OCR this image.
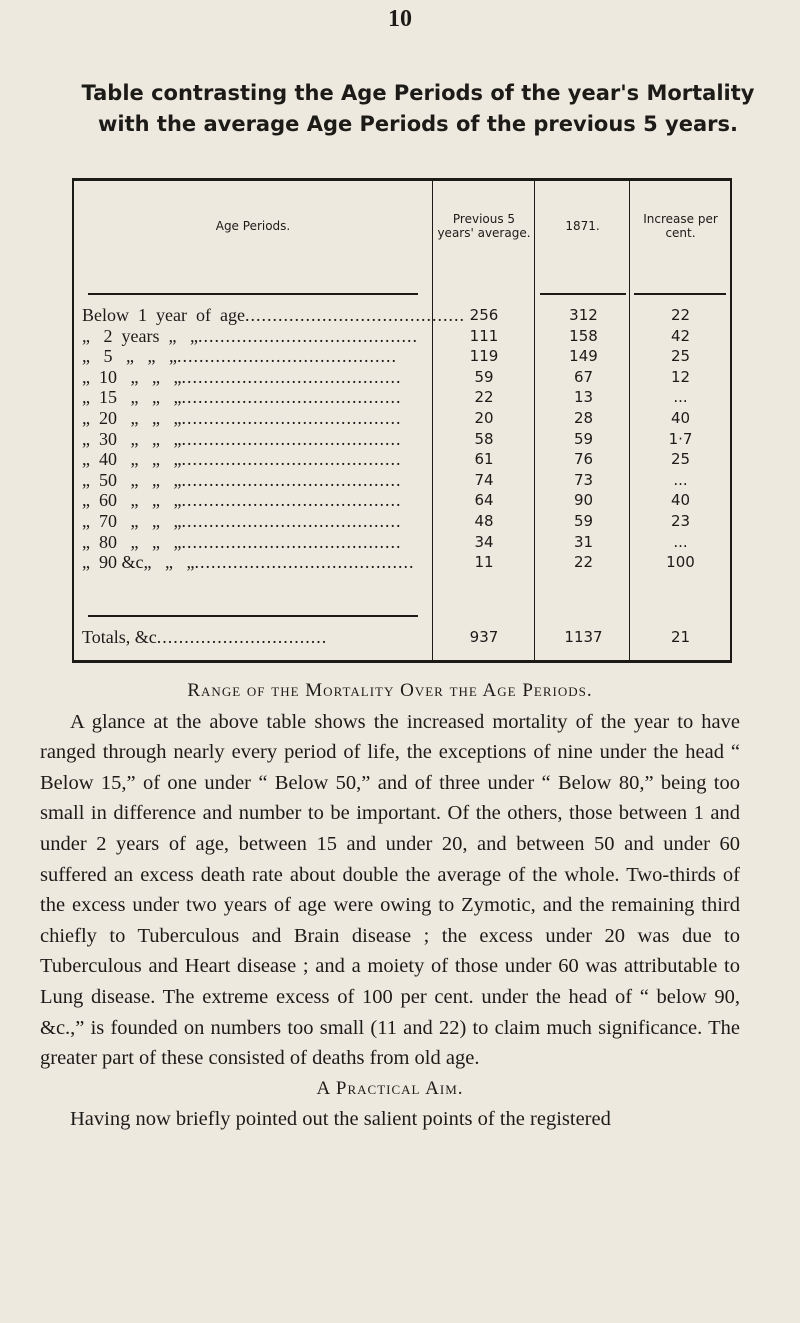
10
Table contrasting the Age Periods of the year's Mortality with the average Age Periods of the previous 5 years.
Age Periods.	Previous 5 years' average.	1871.	Increase per cent.
Below  1  year  of  age........................................ 256	312	22
„   2  years  „   „........................................	111	158	42
„   5   „   „   „........................................	119	149	25
„  10   „   „   „........................................	59	67	12
„  15   „   „   „........................................	22	13	...
„  20   „   „   „........................................	20	28	40
„  30   „   „   „........................................	58	59	1·7
„  40   „   „   „........................................	61	76	25
„  50   „   „   „........................................	74	73	...
„  60   „   „   „........................................	64	90	40
„  70   „   „   „........................................	48	59	23
„  80   „   „   „........................................	34	31	...
„  90 &c„   „   „........................................	11	22	100
Totals, &c...............................	937	1137	21
Range of the Mortality Over the Age Periods.

A glance at the above table shows the increased mortality of the year to have ranged through nearly every period of life, the exceptions of nine under the head “ Below 15,” of one under “ Below 50,” and of three under “ Below 80,” being too small in difference and number to be important. Of the others, those between 1 and under 2 years of age, between 15 and under 20, and between 50 and under 60 suffered an excess death rate about double the average of the whole. Two-thirds of the excess under two years of age were owing to Zymotic, and the remaining third chiefly to Tuberculous and Brain disease ; the excess under 20 was due to Tuberculous and Heart disease ; and a moiety of those under 60 was attributable to Lung disease. The extreme excess of 100 per cent. under the head of “ below 90, &c.,” is founded on numbers too small (11 and 22) to claim much significance. The greater part of these consisted of deaths from old age.

A Practical Aim.

Having now briefly pointed out the salient points of the registered
